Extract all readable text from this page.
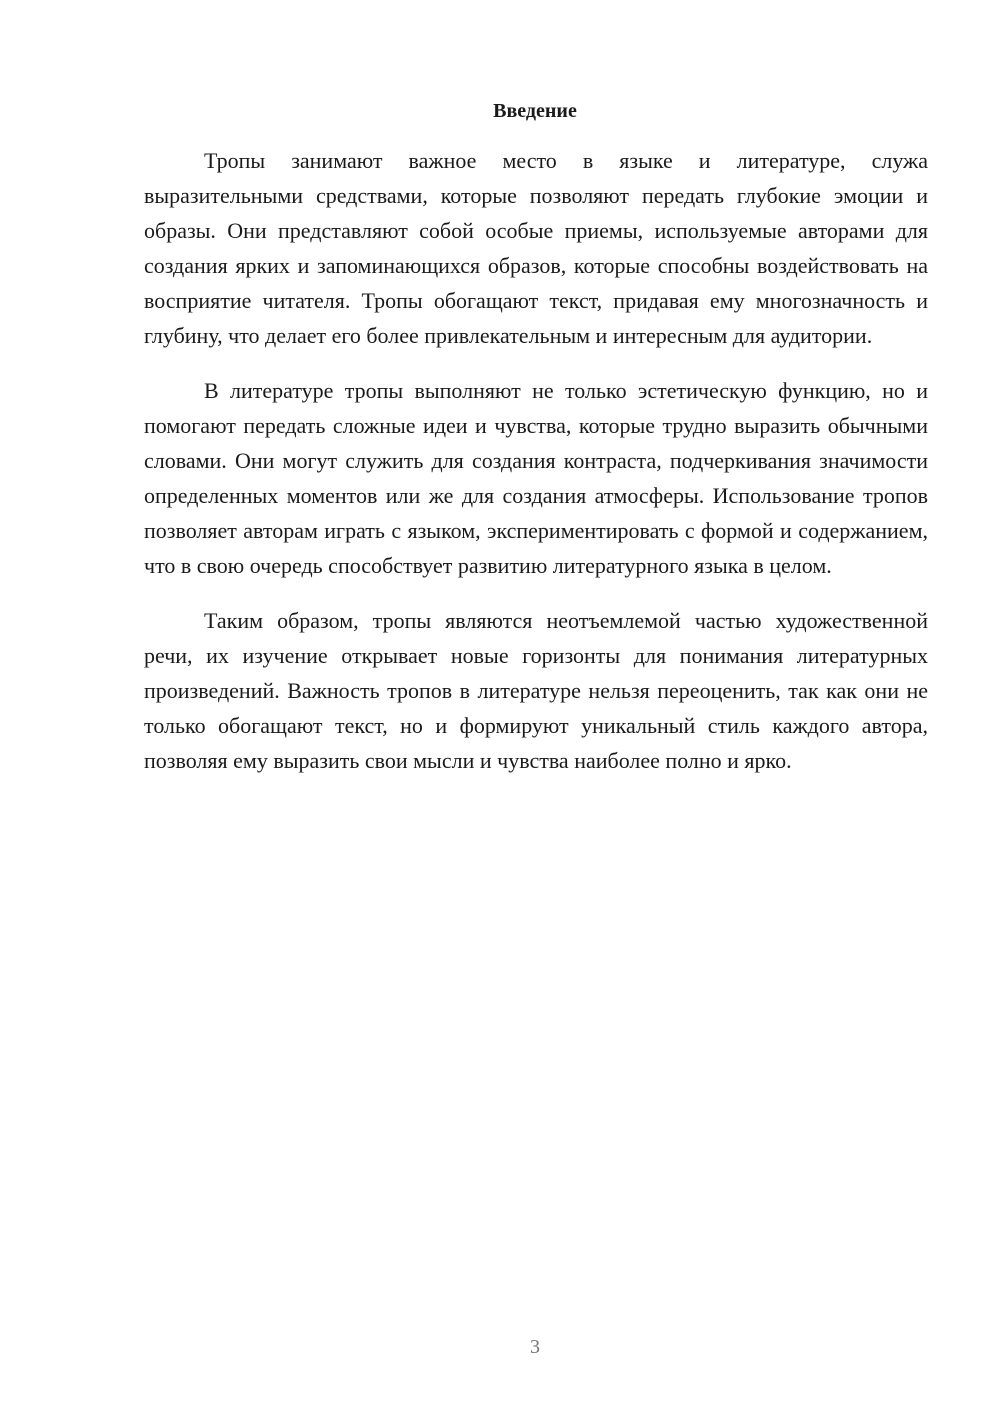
Введение

Тропы занимают важное место в языке и литературе, служа выразительными средствами, которые позволяют передать глубокие эмоции и образы. Они представляют собой особые приемы, используемые авторами для создания ярких и запоминающихся образов, которые способны воздействовать на восприятие читателя. Тропы обогащают текст, придавая ему многозначность и глубину, что делает его более привлекательным и интересным для аудитории.

В литературе тропы выполняют не только эстетическую функцию, но и помогают передать сложные идеи и чувства, которые трудно выразить обычными словами. Они могут служить для создания контраста, подчеркивания значимости определенных моментов или же для создания атмосферы. Использование тропов позволяет авторам играть с языком, экспериментировать с формой и содержанием, что в свою очередь способствует развитию литературного языка в целом.

Таким образом, тропы являются неотъемлемой частью художественной речи, их изучение открывает новые горизонты для понимания литературных произведений. Важность тропов в литературе нельзя переоценить, так как они не только обогащают текст, но и формируют уникальный стиль каждого автора, позволяя ему выразить свои мысли и чувства наиболее полно и ярко.

3
